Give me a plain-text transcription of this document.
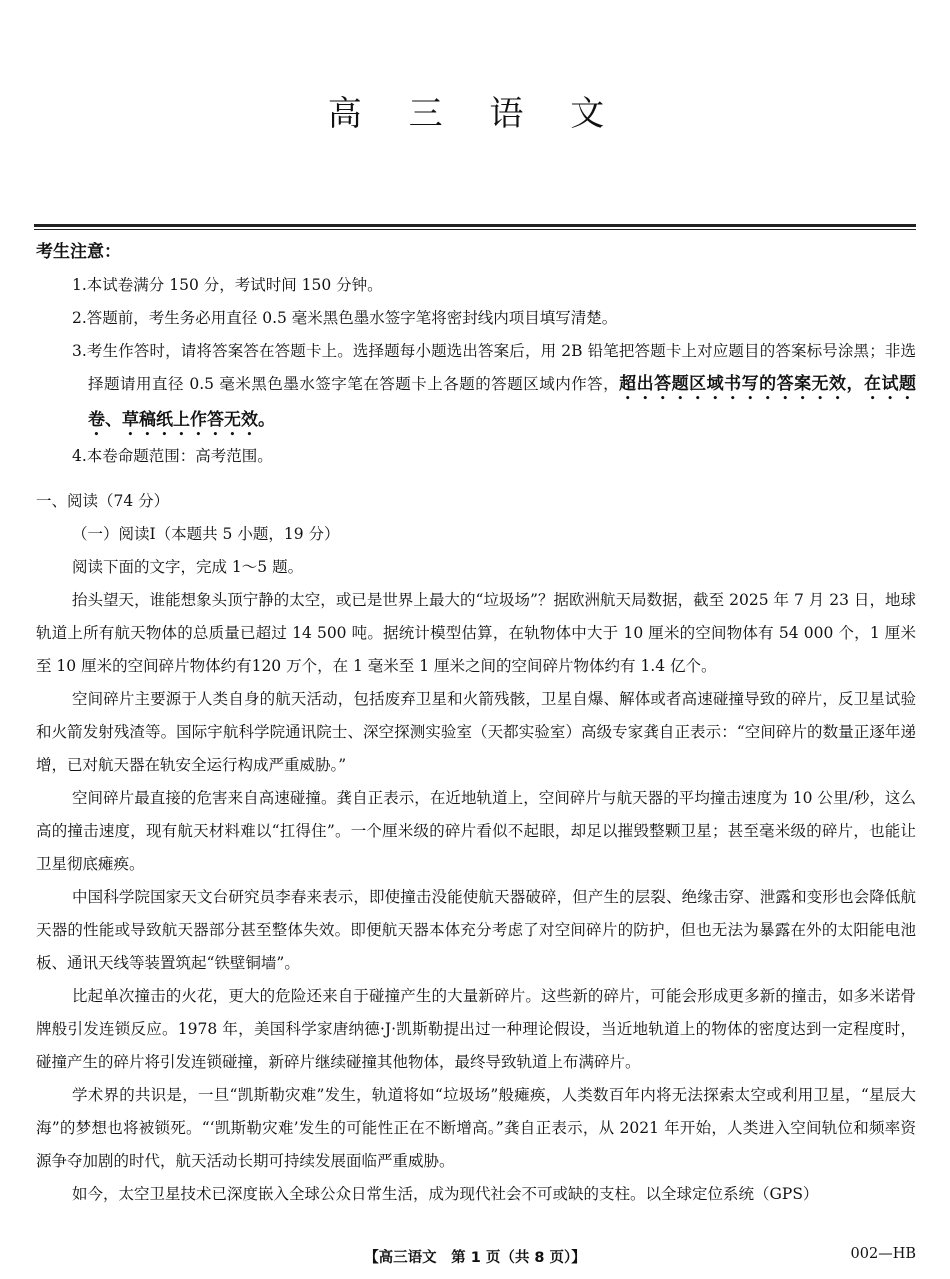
高 三 语 文
考生注意：
1.本试卷满分 150 分，考试时间 150 分钟。
2.答题前，考生务必用直径 0.5 毫米黑色墨水签字笔将密封线内项目填写清楚。
3.考生作答时，请将答案答在答题卡上。选择题每小题选出答案后，用 2B 铅笔把答题卡上对应题目的答案标号涂黑；非选择题请用直径 0.5 毫米黑色墨水签字笔在答题卡上各题的答题区域内作答，超出答题区域书写的答案无效，在试题卷、草稿纸上作答无效。
4.本卷命题范围：高考范围。
一、阅读（74 分）
（一）阅读Ⅰ（本题共 5 小题，19 分）
阅读下面的文字，完成 1～5 题。

抬头望天，谁能想象头顶宁静的太空，或已是世界上最大的“垃圾场”？据欧洲航天局数据，截至 2025 年 7 月 23 日，地球轨道上所有航天物体的总质量已超过 14 500 吨。据统计模型估算，在轨物体中大于 10 厘米的空间物体有 54 000 个，1 厘米至 10 厘米的空间碎片物体约有120 万个，在 1 毫米至 1 厘米之间的空间碎片物体约有 1.4 亿个。

空间碎片主要源于人类自身的航天活动，包括废弃卫星和火箭残骸，卫星自爆、解体或者高速碰撞导致的碎片，反卫星试验和火箭发射残渣等。国际宇航科学院通讯院士、深空探测实验室（天都实验室）高级专家龚自正表示：“空间碎片的数量正逐年递增，已对航天器在轨安全运行构成严重威胁。”

空间碎片最直接的危害来自高速碰撞。龚自正表示，在近地轨道上，空间碎片与航天器的平均撞击速度为 10 公里/秒，这么高的撞击速度，现有航天材料难以“扛得住”。一个厘米级的碎片看似不起眼，却足以摧毁整颗卫星；甚至毫米级的碎片，也能让卫星彻底瘫痪。

中国科学院国家天文台研究员李春来表示，即使撞击没能使航天器破碎，但产生的层裂、绝缘击穿、泄露和变形也会降低航天器的性能或导致航天器部分甚至整体失效。即便航天器本体充分考虑了对空间碎片的防护，但也无法为暴露在外的太阳能电池板、通讯天线等装置筑起“铁壁铜墙”。

比起单次撞击的火花，更大的危险还来自于碰撞产生的大量新碎片。这些新的碎片，可能会形成更多新的撞击，如多米诺骨牌般引发连锁反应。1978 年，美国科学家唐纳德·J·凯斯勒提出过一种理论假设，当近地轨道上的物体的密度达到一定程度时，碰撞产生的碎片将引发连锁碰撞，新碎片继续碰撞其他物体，最终导致轨道上布满碎片。

学术界的共识是，一旦“凯斯勒灾难”发生，轨道将如“垃圾场”般瘫痪，人类数百年内将无法探索太空或利用卫星，“星辰大海”的梦想也将被锁死。“‘凯斯勒灾难’发生的可能性正在不断增高。”龚自正表示，从 2021 年开始，人类进入空间轨位和频率资源争夺加剧的时代，航天活动长期可持续发展面临严重威胁。

如今，太空卫星技术已深度嵌入全球公众日常生活，成为现代社会不可或缺的支柱。以全球定位系统（GPS）

【高三语文　第 1 页（共 8 页）】	002—HB
